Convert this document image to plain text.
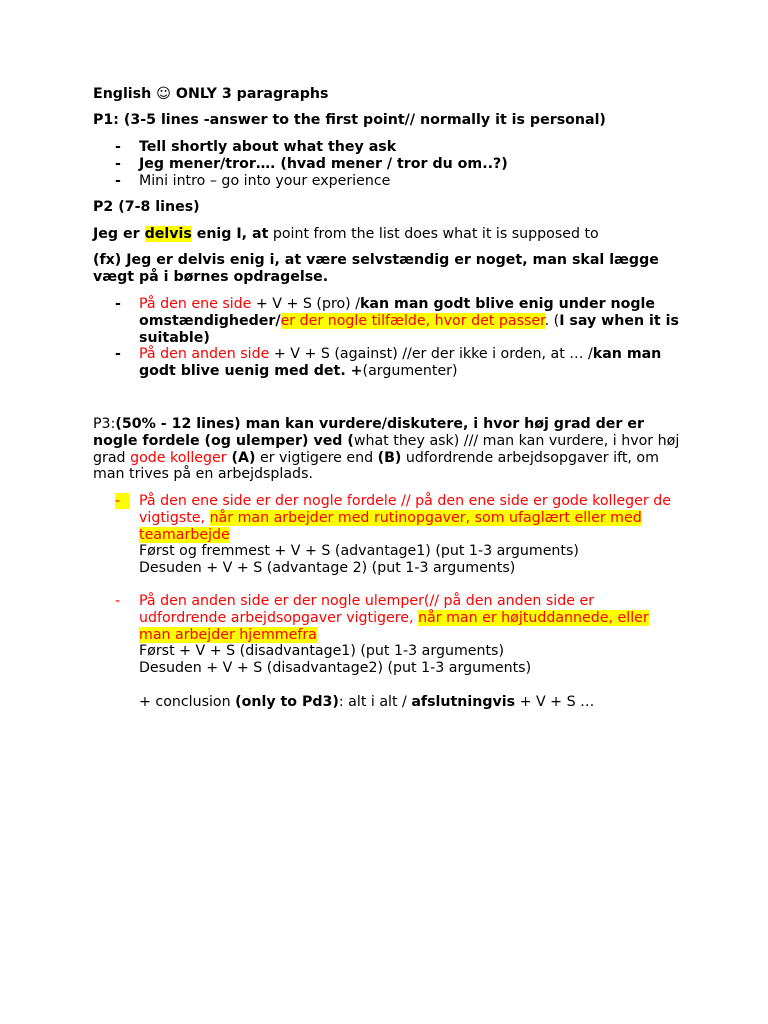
English ☺ ONLY 3 paragraphs

P1: (3-5 lines -answer to the first point// normally it is personal)

-	Tell shortly about what they ask
-	Jeg mener/tror…. (hvad mener / tror du om..?)
-	Mini intro – go into your experience

P2 (7-8 lines)

Jeg er delvis enig I, at point from the list does what it is supposed to

(fx) Jeg er delvis enig i, at være selvstændig er noget, man skal lægge vægt på i børnes opdragelse.

-	På den ene side + V + S (pro) /kan man godt blive enig under nogle omstændigheder/er der nogle tilfælde, hvor det passer. (I say when it is suitable)
-	På den anden side + V + S (against) //er der ikke i orden, at … /kan man godt blive uenig med det. +(argumenter)

P3:(50% - 12 lines) man kan vurdere/diskutere, i hvor høj grad der er nogle fordele (og ulemper) ved (what they ask) /// man kan vurdere, i hvor høj grad gode kolleger (A) er vigtigere end (B) udfordrende arbejdsopgaver ift, om man trives på en arbejdsplads.

-	På den ene side er der nogle fordele // på den ene side er gode kolleger de vigtigste, når man arbejder med rutinopgaver, som ufaglært eller med teamarbejde
Først og fremmest + V + S (advantage1) (put 1-3 arguments)
Desuden + V + S (advantage 2) (put 1-3 arguments)
-	På den anden side er der nogle ulemper(// på den anden side er udfordrende arbejdsopgaver vigtigere, når man er højtuddannede, eller man arbejder hjemmefra
Først + V + S (disadvantage1) (put 1-3 arguments)
Desuden + V + S (disadvantage2) (put 1-3 arguments)
+ conclusion (only to Pd3): alt i alt / afslutningvis + V + S …
